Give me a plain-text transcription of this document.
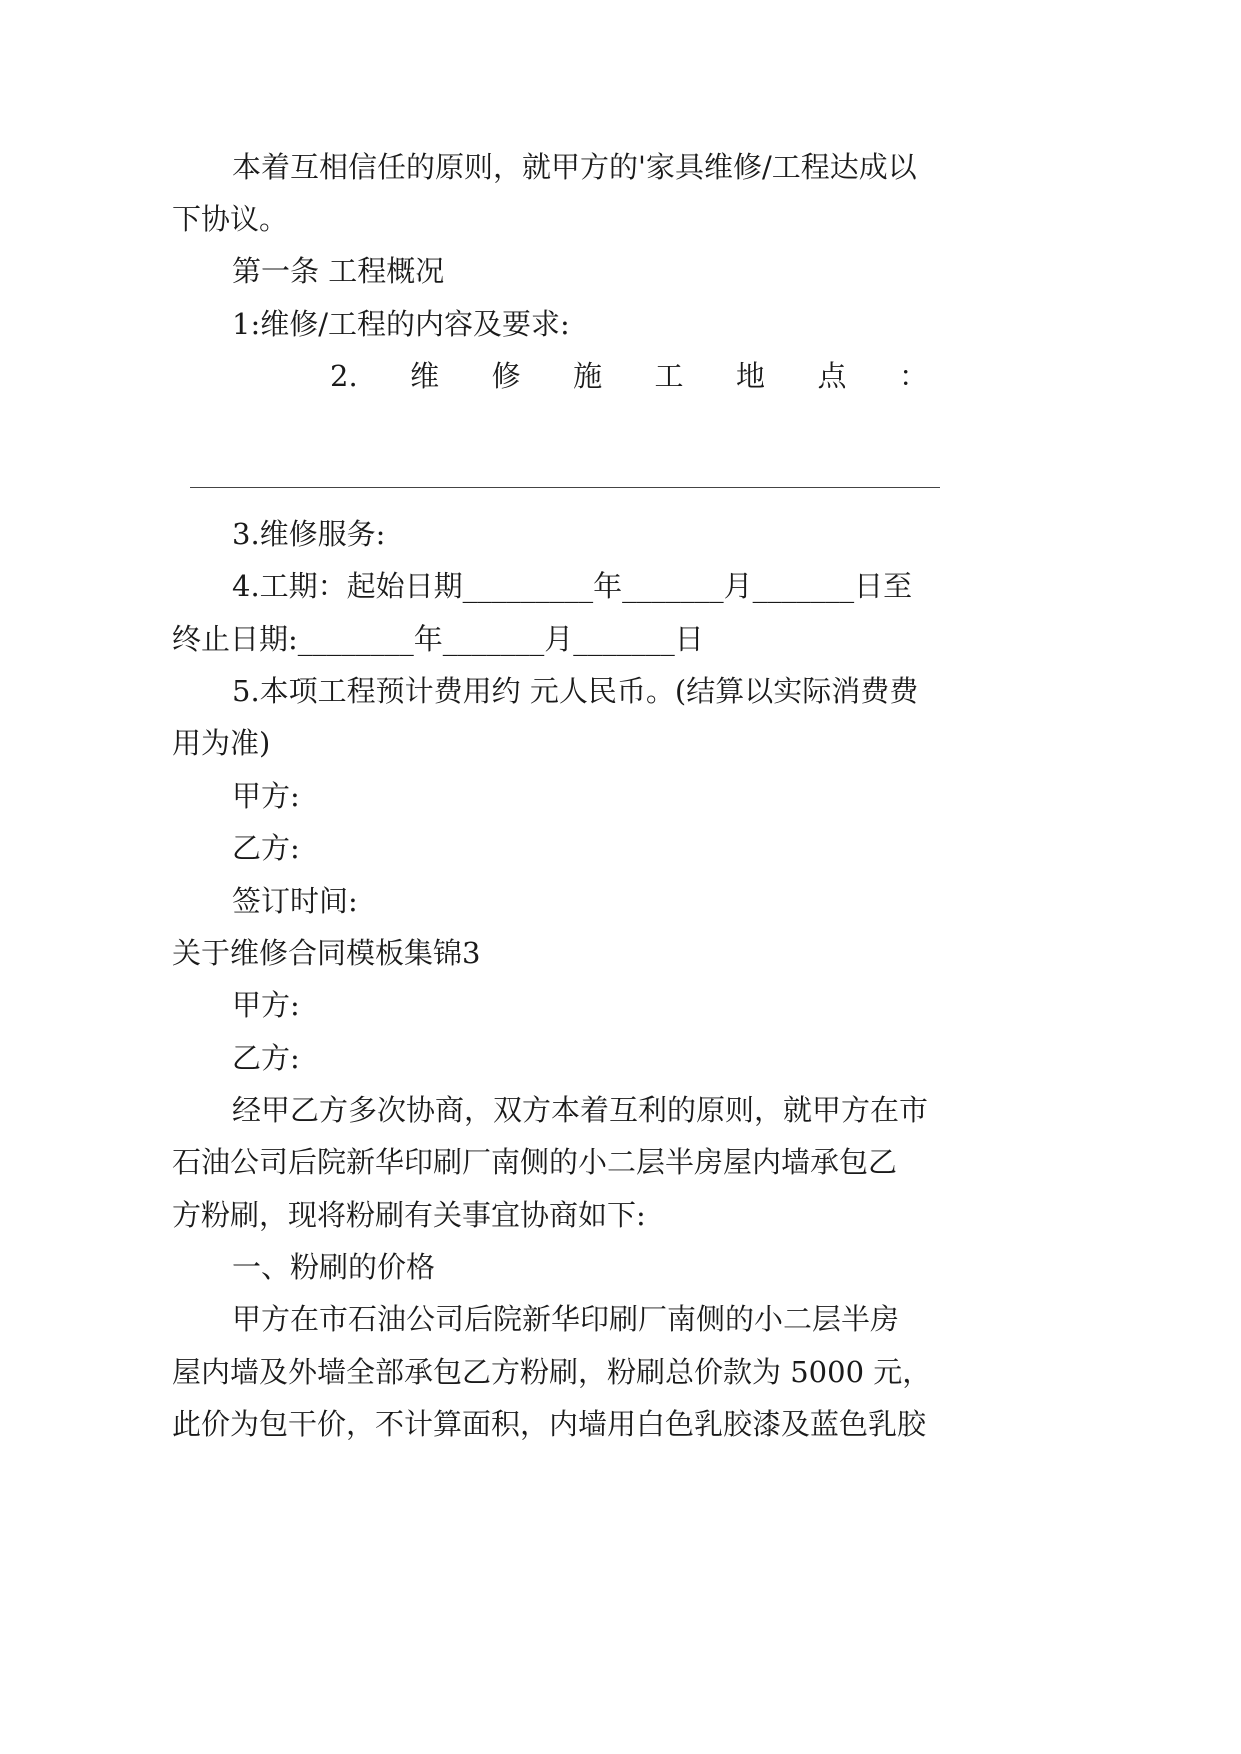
本着互相信任的原则，就甲方的'家具维修/工程达成以

下协议。

第一条 工程概况

1:维修/工程的内容及要求:

2. 维 修 施 工 地 点 ：

3.维修服务:

4.工期：起始日期_________年_______月_______日至

终止日期:________年_______月_______日

5.本项工程预计费用约 元人民币。(结算以实际消费费

用为准)

甲方:

乙方:

签订时间:

关于维修合同模板集锦3

甲方:

乙方:

经甲乙方多次协商，双方本着互利的原则，就甲方在市

石油公司后院新华印刷厂南侧的小二层半房屋内墙承包乙

方粉刷，现将粉刷有关事宜协商如下:

一、粉刷的价格

甲方在市石油公司后院新华印刷厂南侧的小二层半房

屋内墙及外墙全部承包乙方粉刷，粉刷总价款为 5000 元，

此价为包干价，不计算面积，内墙用白色乳胶漆及蓝色乳胶
